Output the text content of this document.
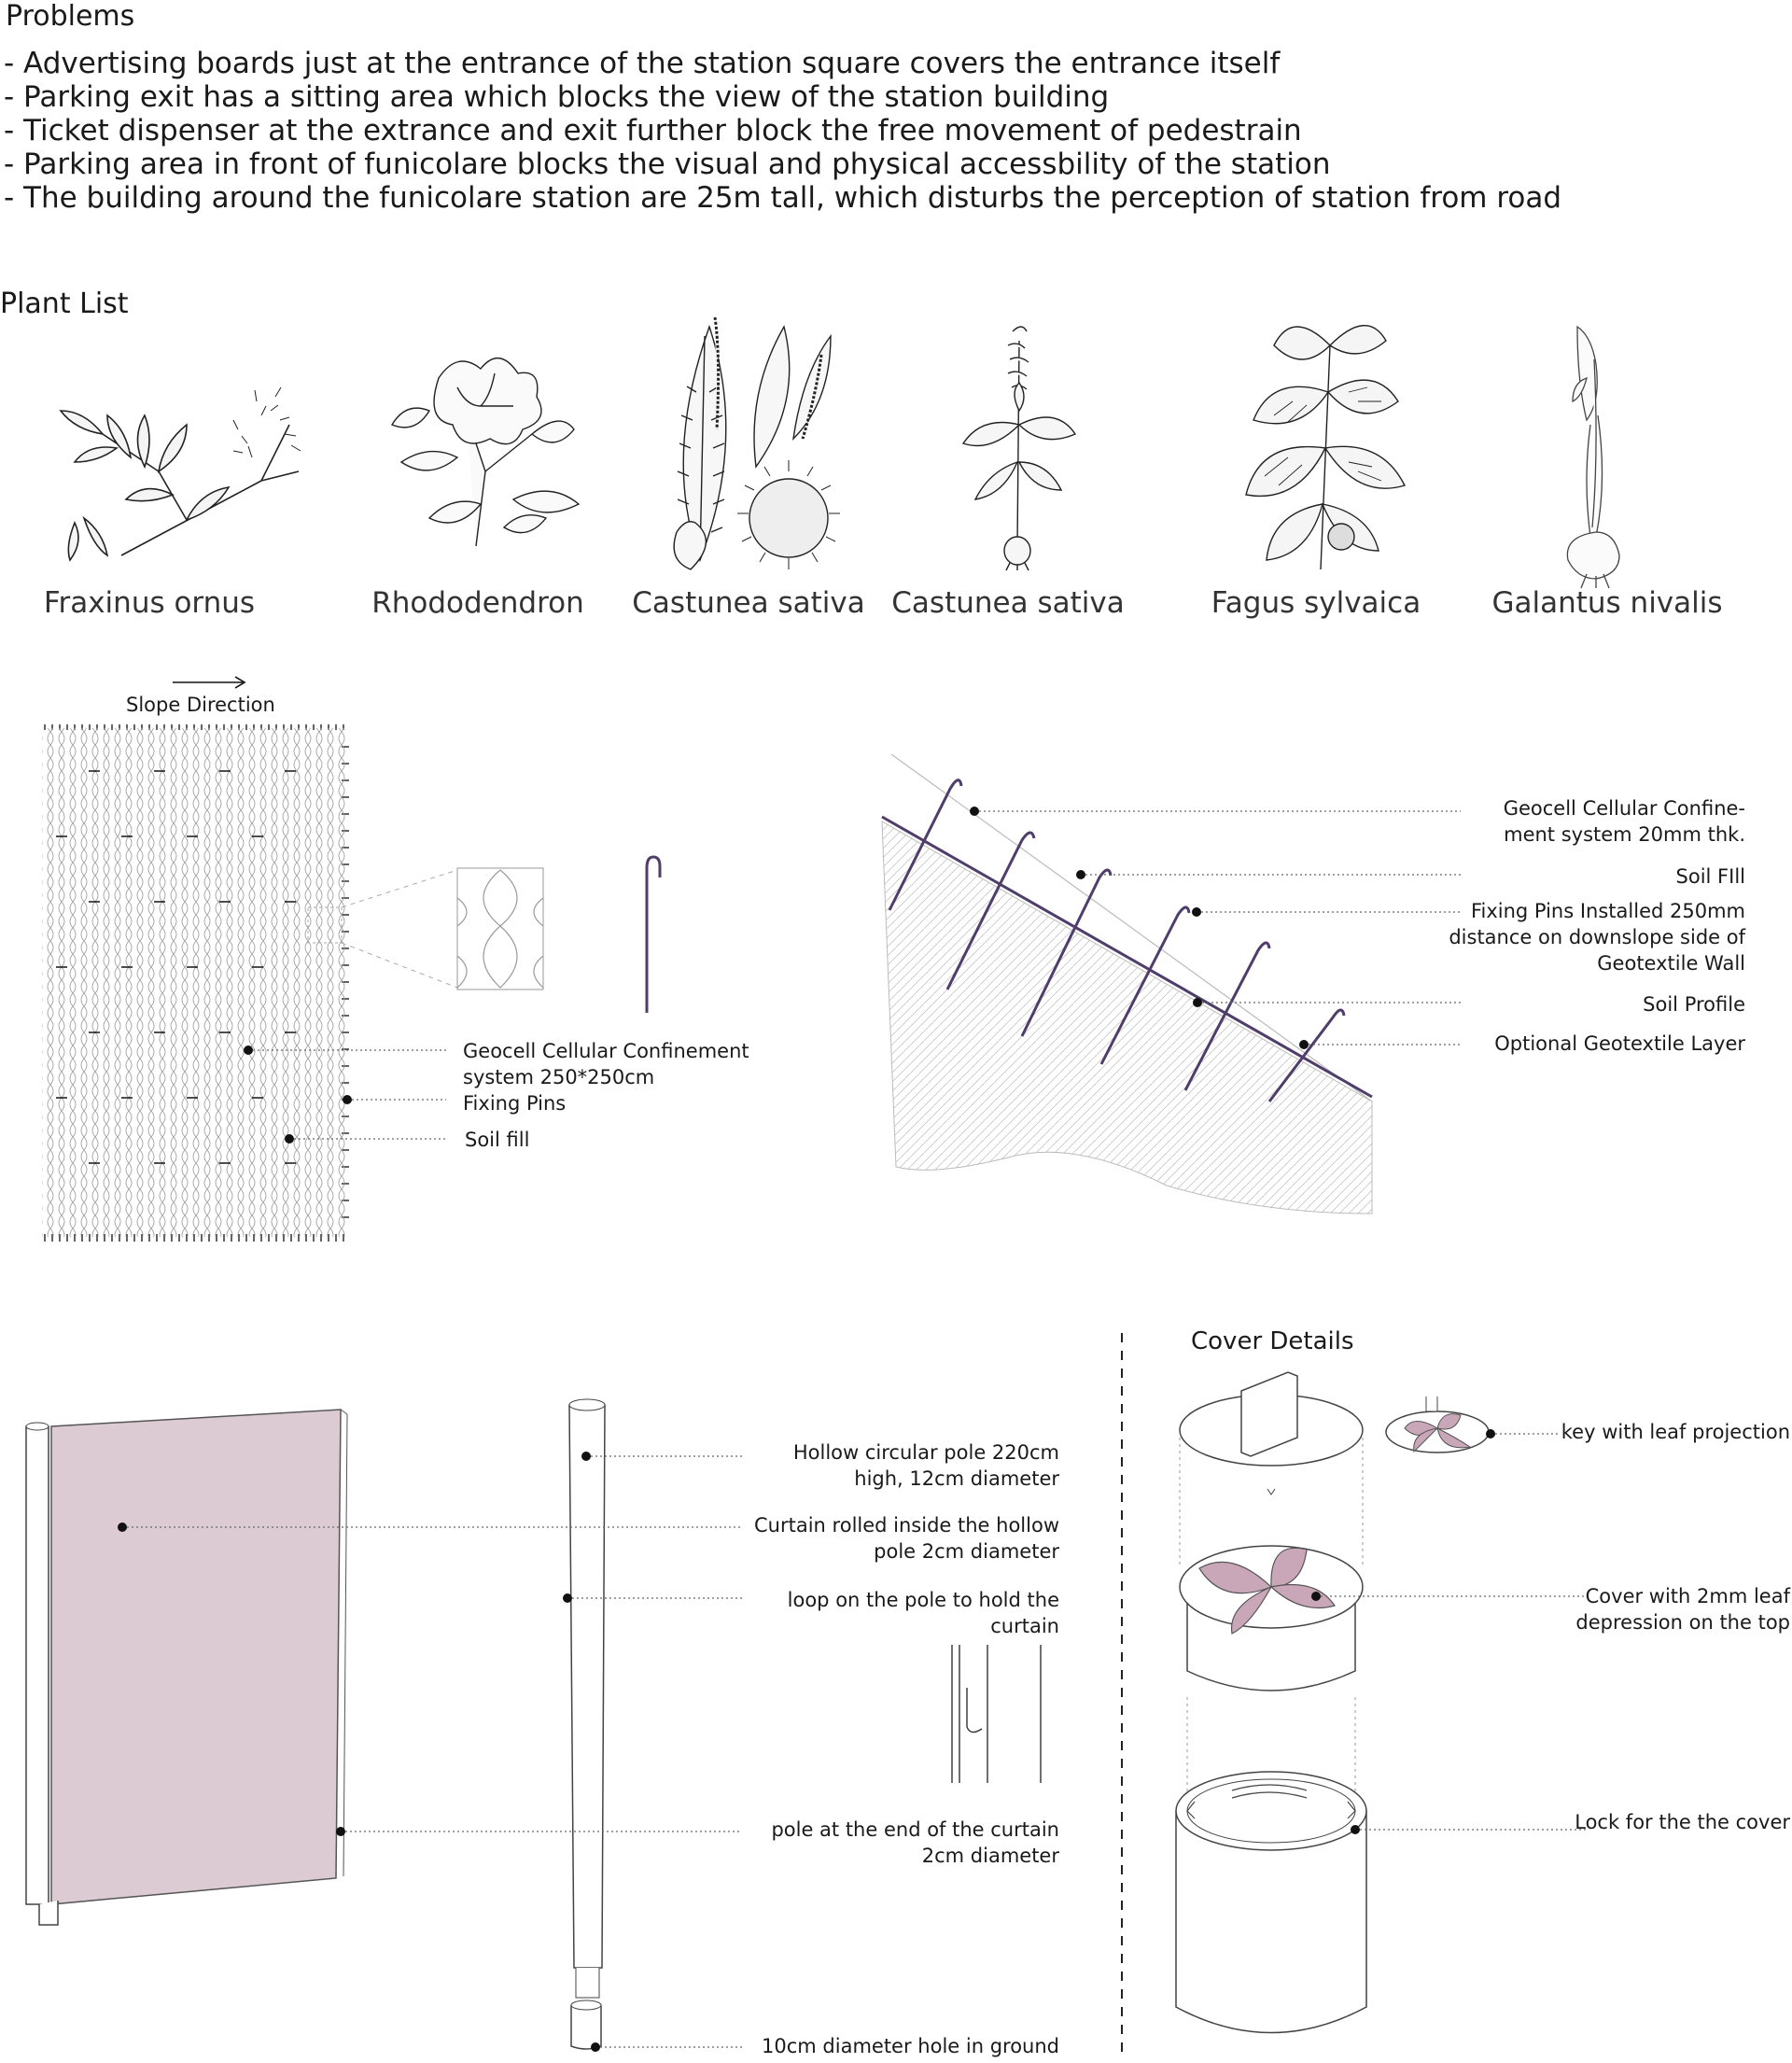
Problems
- Advertising boards just at the entrance of the station square covers the entrance itself
- Parking exit has a sitting area which blocks the view of the station building
- Ticket dispenser at the extrance and exit further block the free movement of pedestrain
- Parking area in front of funicolare blocks the visual and physical accessbility of the station
- The building around the funicolare station are 25m tall, which disturbs the perception of station from road
Plant List
Fraxinus ornus	Rhododendron	Castunea sativa Castunea sativa	Fagus sylvaica	Galantus nivalis
Slope Direction
Geocell Cellular Confinement
system 250*250cm
Fixing Pins
Soil fill
Geocell Cellular Confine-
ment system 20mm thk.
Soil FIll
Fixing Pins Installed 250mm
distance on downslope side of
Geotextile Wall
Soil Profile
Optional Geotextile Layer
Hollow circular pole 220cm
high, 12cm diameter
Curtain rolled inside the hollow
pole 2cm diameter
loop on the pole to hold the
curtain
pole at the end of the curtain
2cm diameter
10cm diameter hole in ground
Cover Details
key with leaf projection
Cover with 2mm leaf
depression on the top
Lock for the the cover
